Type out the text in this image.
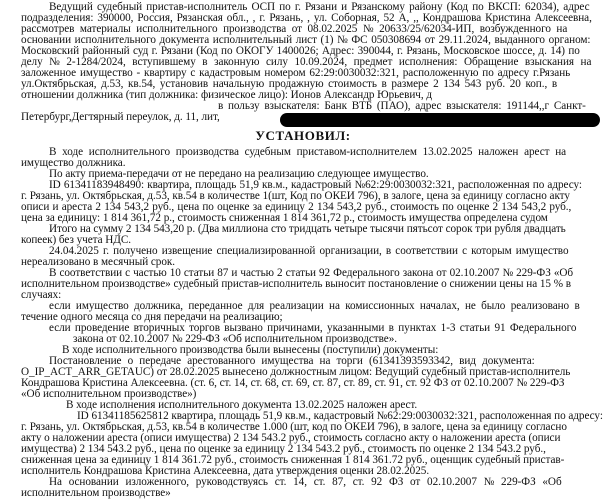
Ведущий судебный пристав-исполнитель ОСП по г. Рязани и Рязанскому району (Код по ВКСП: 62034), адрес
подразделения: 390000, Россия, Рязанская обл., , г. Рязань, , ул. Соборная, 52 А, ,, Кондрашова Кристина Алексеевна,
рассмотрев материалы исполнительного производства от 08.02.2025 № 20633/25/62034-ИП, возбужденного на
основании исполнительного документа исполнительный лист (1) № ФС 050308694 от 29.11.2024, выданного органом:
Московский районный суд г. Рязани (Код по ОКОГУ 1400026; Адрес: 390044, г. Рязань, Московское шоссе, д. 14) по
делу № 2-1284/2024, вступившему в законную силу 10.09.2024, предмет исполнения: Обращение взыскания на
заложенное имущество - квартиру с кадастровым номером 62:29:0030032:321, расположенную по адресу г.Рязань
ул.Октябрьская, д.53, кв.54, установив начальную продажную стоимость в размере 2 134 543 руб. 20 коп., в
отношении должника (тип должника: физическое лицо): Ионов Александр Юрьевич, д
в пользу взыскателя: Банк ВТБ (ПАО), адрес взыскателя: 191144,,г Санкт-
Петербург,Дегтярный переулок, д. 11, лит,
УСТАНОВИЛ:
В ходе исполнительного производства судебным приставом-исполнителем 13.02.2025 наложен арест на
имущество должника.
По акту приема-передачи от не передано на реализацию следующее имущество.
ID 61341183948490: квартира, площадь 51,9 кв.м., кадастровый №62:29:0030032:321, расположенная по адресу:
г. Рязань, ул. Октябрьская, д.53, кв.54 в количестве 1(шт, Код по ОКЕИ 796), в залоге, цена за единицу согласно акту
описи и ареста 2 134 543,2 руб., цена по оценке за единицу 2 134 543,2 руб., стоимость по оценке 2 134 543,2 руб.,
цена за единицу: 1 814 361,72 р., стоимость сниженная 1 814 361,72 р., стоимость имущества определена судом
Итого на сумму 2 134 543,20 р. (Два миллиона сто тридцать четыре тысячи пятьсот сорок три рубля двадцать
копеек) без учета НДС.
24.04.2025 г. получено извещение специализированной организации, в соответствии с которым имущество
нереализовано в месячный срок.
В соответствии с частью 10 статьи 87 и частью 2 статьи 92 Федерального закона от 02.10.2007 № 229-ФЗ «Об
исполнительном производстве» судебный пристав-исполнитель выносит постановление о снижении цены на 15 % в
случаях:
если имущество должника, переданное для реализации на комиссионных началах, не было реализовано в
течение одного месяца со дня передачи на реализацию;
если проведение вторичных торгов вызвано причинами, указанными в пунктах 1-3 статьи 91 Федерального
закона от 02.10.2007 № 229-ФЗ «Об исполнительном производстве».
В ходе исполнительного производства были вынесены (поступили) документы:
Постановление о передаче арестованного имущества на торги (61341393593342, вид документа:
O_IP_ACT_ARR_GETAUC) от 28.02.2025 вынесено должностным лицом: Ведущий судебный пристав-исполнитель
Кондрашова Кристина Алексеевна. (ст. 6, ст. 14, ст. 68, ст. 69, ст. 87, ст. 89, ст. 91, ст. 92 ФЗ от 02.10.2007 № 229-ФЗ
«Об исполнительном производстве»)
В ходе исполнения исполнительного документа 13.02.2025 наложен арест.
ID 61341185625812 квартира, площадь 51,9 кв.м., кадастровый №62:29:0030032:321, расположенная по адресу:
г. Рязань, ул. Октябрьская, д.53, кв.54 в количестве 1.000 (шт, код по ОКЕИ 796), в залоге, цена за единицу согласно
акту о наложении ареста (описи имущества) 2 134 543.2 руб., стоимость согласно акту о наложении ареста (описи
имущества) 2 134 543.2 руб., цена по оценке за единицу 2 134 543.2 руб., стоимость по оценке 2 134 543.2 руб.,
сниженная цена за единицу 1 814 361.72 руб., стоимость сниженная 1 814 361.72 руб., оценщик судебный пристав-
исполнитель Кондрашова Кристина Алексеевна, дата утверждения оценки 28.02.2025.
На основании изложенного, руководствуясь ст. 14, ст. 87, ст. 92 ФЗ от 02.10.2007 № 229-ФЗ «Об
исполнительном производстве»
